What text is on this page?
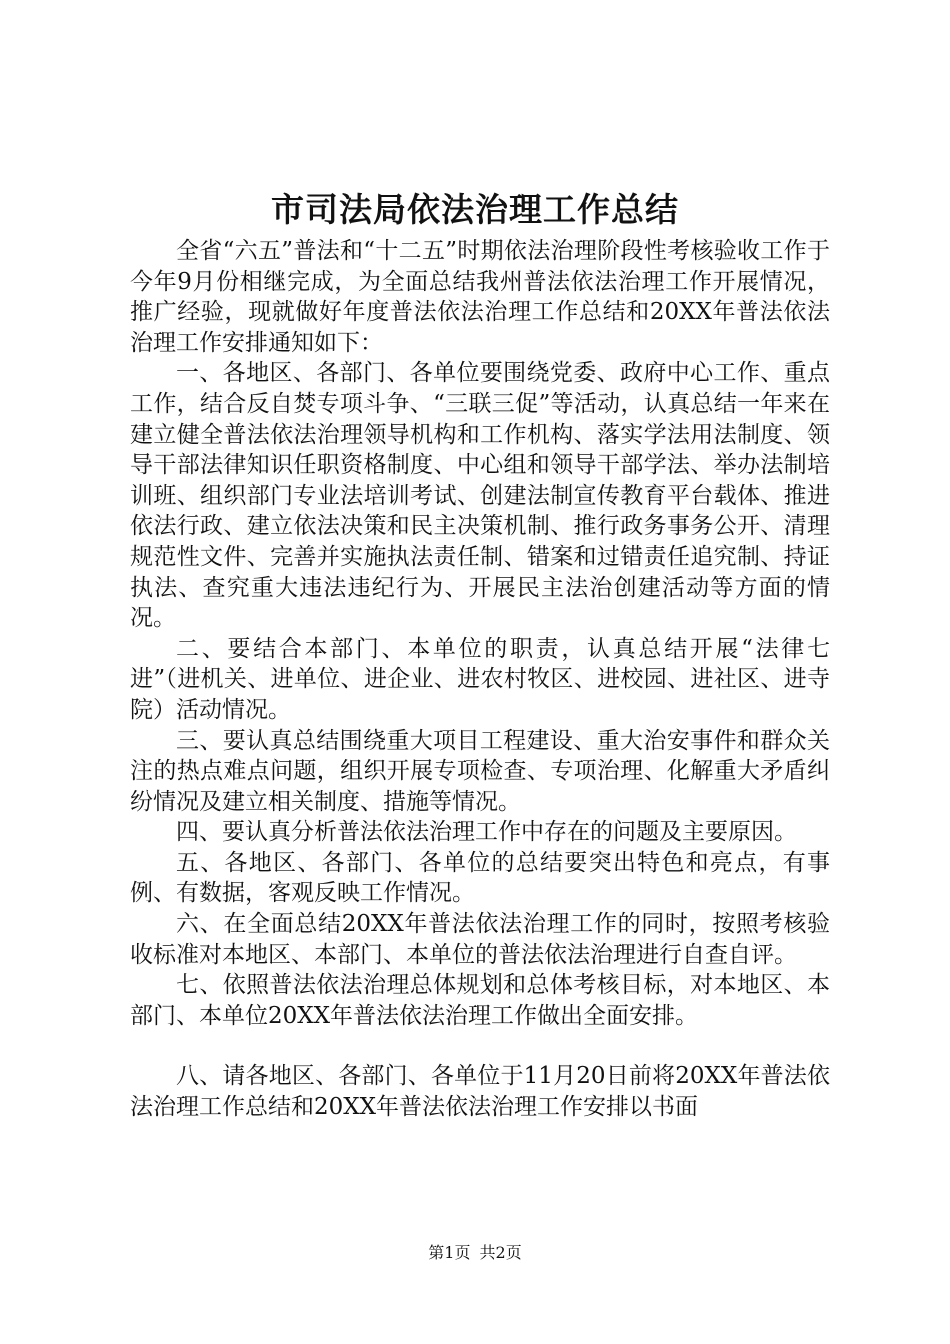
市司法局依法治理工作总结

全省“六五”普法和“十二五”时期依法治理阶段性考核验收工作于今年9月份相继完成，为全面总结我州普法依法治理工作开展情况，推广经验，现就做好年度普法依法治理工作总结和20XX年普法依法治理工作安排通知如下：

一、各地区、各部门、各单位要围绕党委、政府中心工作、重点工作，结合反自焚专项斗争、“三联三促”等活动，认真总结一年来在建立健全普法依法治理领导机构和工作机构、落实学法用法制度、领导干部法律知识任职资格制度、中心组和领导干部学法、举办法制培训班、组织部门专业法培训考试、创建法制宣传教育平台载体、推进依法行政、建立依法决策和民主决策机制、推行政务事务公开、清理规范性文件、完善并实施执法责任制、错案和过错责任追究制、持证执法、查究重大违法违纪行为、开展民主法治创建活动等方面的情况。

二、要结合本部门、本单位的职责，认真总结开展“法律七进”（进机关、进单位、进企业、进农村牧区、进校园、进社区、进寺院）活动情况。

三、要认真总结围绕重大项目工程建设、重大治安事件和群众关注的热点难点问题，组织开展专项检查、专项治理、化解重大矛盾纠纷情况及建立相关制度、措施等情况。

四、要认真分析普法依法治理工作中存在的问题及主要原因。

五、各地区、各部门、各单位的总结要突出特色和亮点，有事例、有数据，客观反映工作情况。

六、在全面总结20XX年普法依法治理工作的同时，按照考核验收标准对本地区、本部门、本单位的普法依法治理进行自查自评。

七、依照普法依法治理总体规划和总体考核目标，对本地区、本部门、本单位20XX年普法依法治理工作做出全面安排。

八、请各地区、各部门、各单位于11月20日前将20XX年普法依法治理工作总结和20XX年普法依法治理工作安排以书面

第1页 共2页
